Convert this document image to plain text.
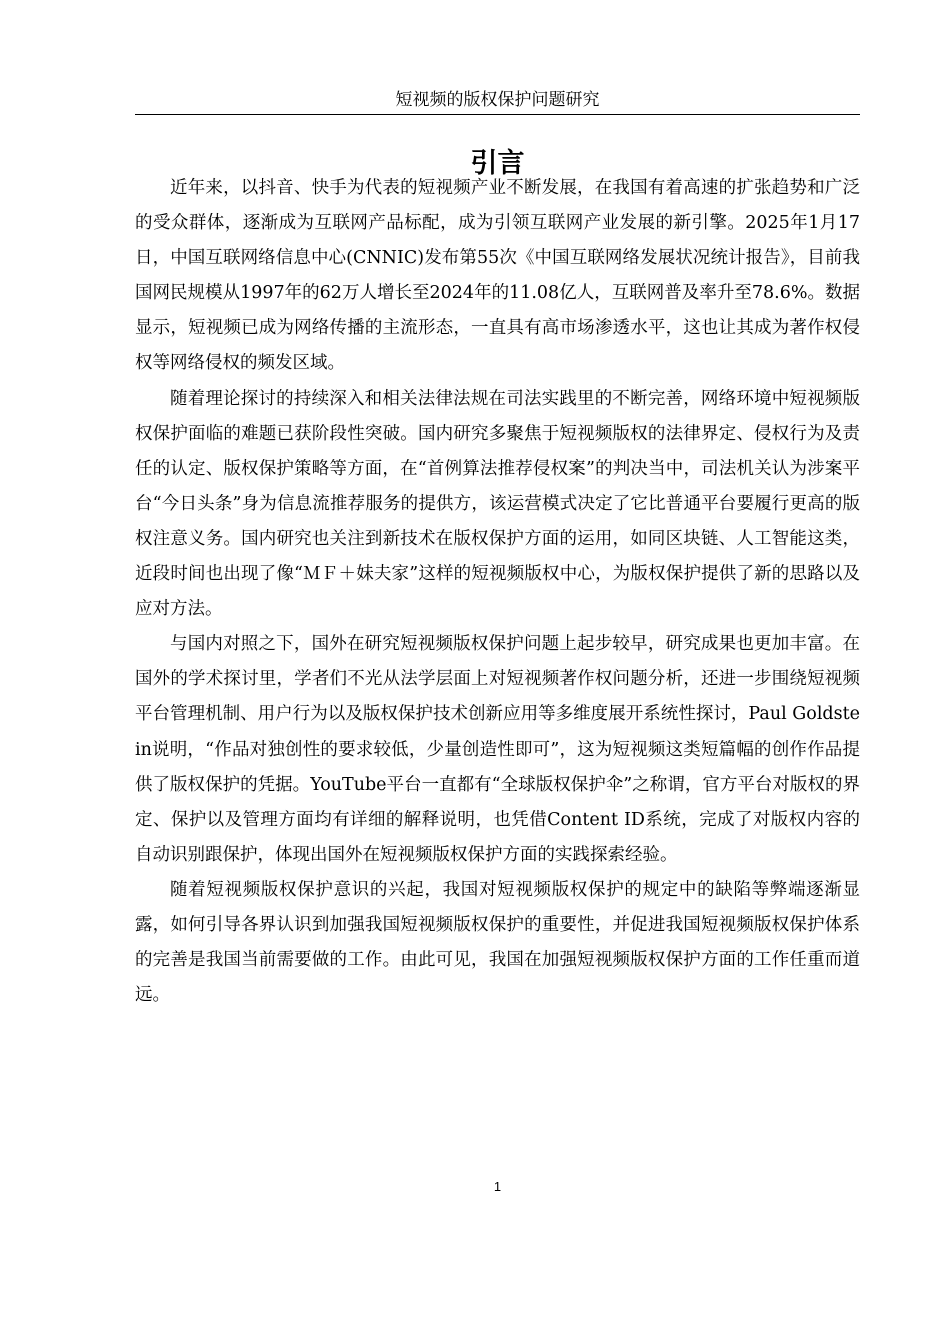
短视频的版权保护问题研究
引言

近年来，以抖音、快手为代表的短视频产业不断发展，在我国有着高速的扩张趋势和广泛的受众群体，逐渐成为互联网产品标配，成为引领互联网产业发展的新引擎。2025年1月17日，中国互联网络信息中心(CNNIC)发布第55次《中国互联网络发展状况统计报告》，目前我国网民规模从1997年的62万人增长至2024年的11.08亿人，互联网普及率升至78.6%。数据显示，短视频已成为网络传播的主流形态，一直具有高市场渗透水平，这也让其成为著作权侵权等网络侵权的频发区域。

随着理论探讨的持续深入和相关法律法规在司法实践里的不断完善，网络环境中短视频版权保护面临的难题已获阶段性突破。国内研究多聚焦于短视频版权的法律界定、侵权行为及责任的认定、版权保护策略等方面，在“首例算法推荐侵权案”的判决当中，司法机关认为涉案平台“今日头条”身为信息流推荐服务的提供方，该运营模式决定了它比普通平台要履行更高的版权注意义务。国内研究也关注到新技术在版权保护方面的运用，如同区块链、人工智能这类，近段时间也出现了像“ＭＦ＋妹夫家”这样的短视频版权中心，为版权保护提供了新的思路以及应对方法。

与国内对照之下，国外在研究短视频版权保护问题上起步较早，研究成果也更加丰富。在国外的学术探讨里，学者们不光从法学层面上对短视频著作权问题分析，还进一步围绕短视频平台管理机制、用户行为以及版权保护技术创新应用等多维度展开系统性探讨，Paul Goldstein说明，“作品对独创性的要求较低，少量创造性即可”，这为短视频这类短篇幅的创作作品提供了版权保护的凭据。YouTube平台一直都有“全球版权保护伞”之称谓，官方平台对版权的界定、保护以及管理方面均有详细的解释说明，也凭借Content ID系统，完成了对版权内容的自动识别跟保护，体现出国外在短视频版权保护方面的实践探索经验。

随着短视频版权保护意识的兴起，我国对短视频版权保护的规定中的缺陷等弊端逐渐显露，如何引导各界认识到加强我国短视频版权保护的重要性，并促进我国短视频版权保护体系的完善是我国当前需要做的工作。由此可见，我国在加强短视频版权保护方面的工作任重而道远。

1
